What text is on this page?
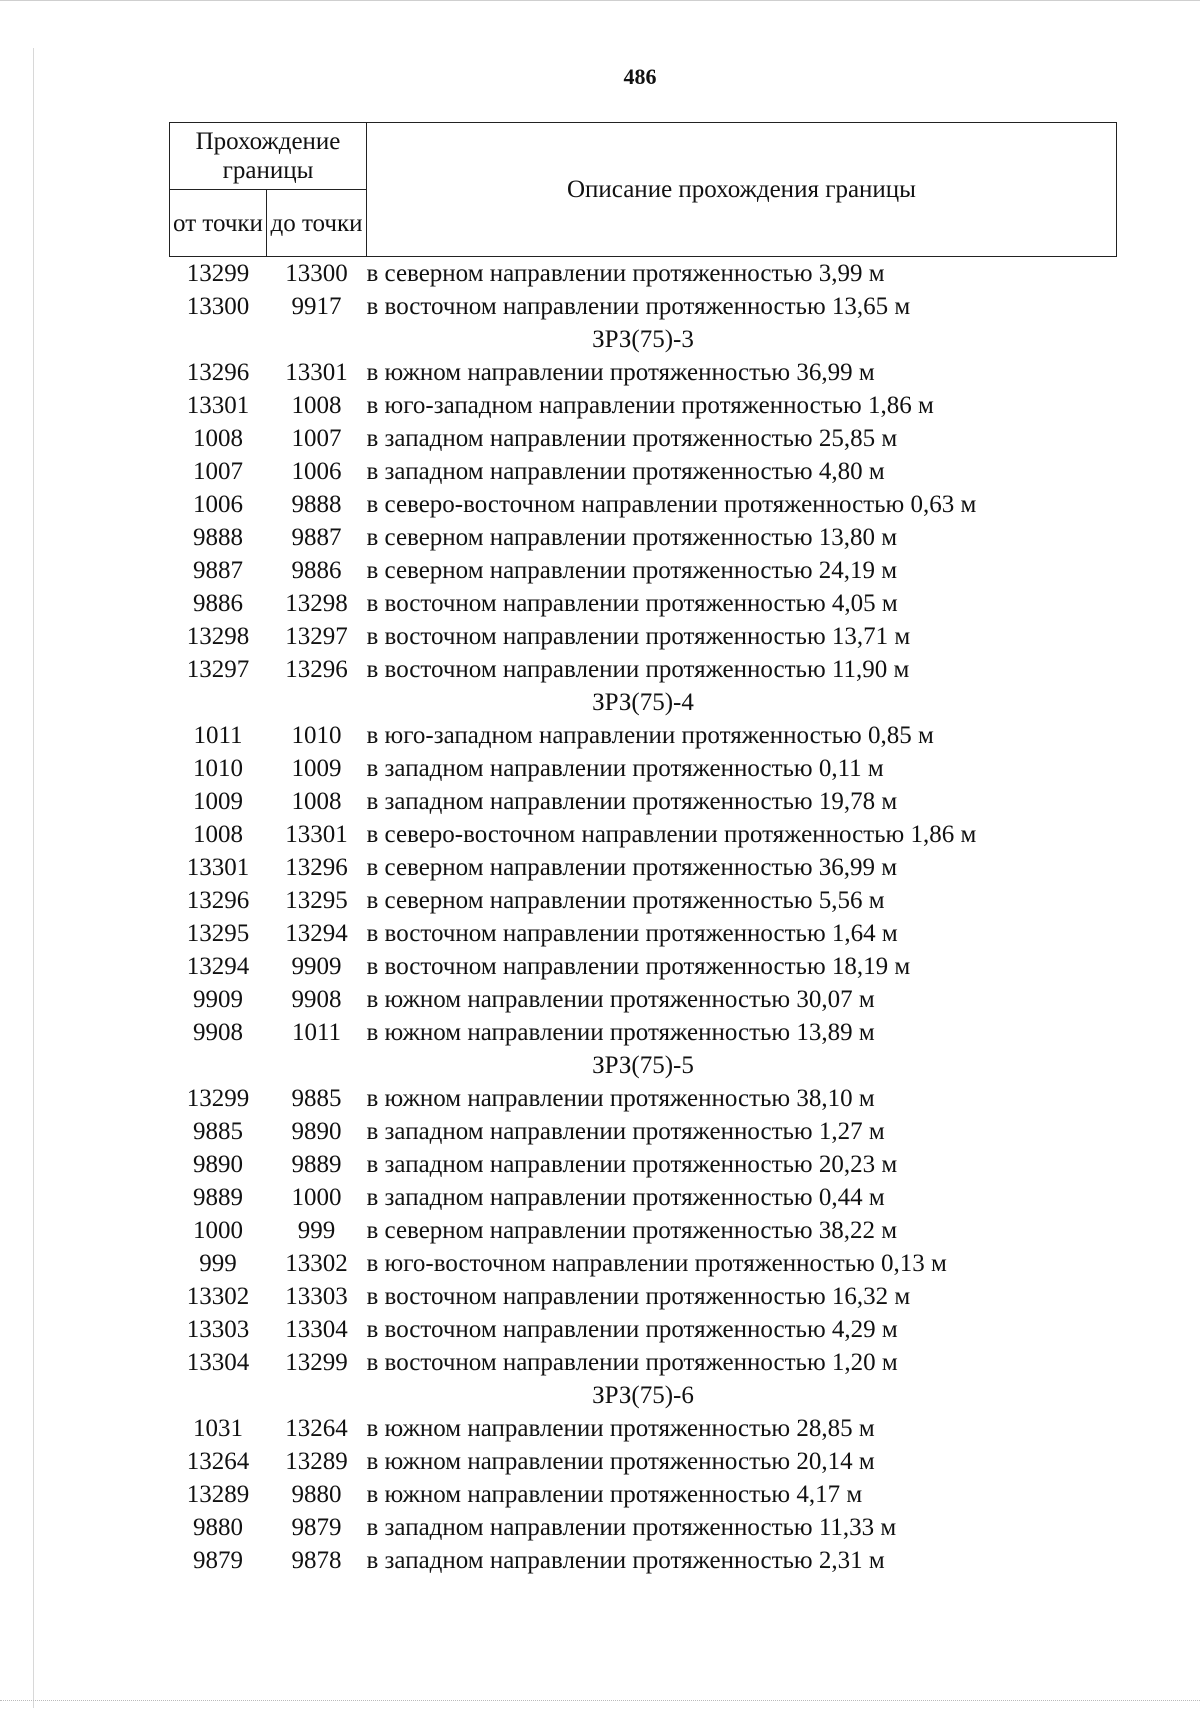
486
Прохождение границы		Описание прохождения границы
от точки	до точки	
13299	13300	в северном направлении протяженностью 3,99 м
13300	9917	в восточном направлении протяженностью 13,65 м
ЗРЗ(75)-3		
13296	13301	в южном направлении протяженностью 36,99 м
13301	1008	в юго-западном направлении протяженностью 1,86 м
1008	1007	в западном направлении протяженностью 25,85 м
1007	1006	в западном направлении протяженностью 4,80 м
1006	9888	в северо-восточном направлении протяженностью 0,63 м
9888	9887	в северном направлении протяженностью 13,80 м
9887	9886	в северном направлении протяженностью 24,19 м
9886	13298	в восточном направлении протяженностью 4,05 м
13298	13297	в восточном направлении протяженностью 13,71 м
13297	13296	в восточном направлении протяженностью 11,90 м
ЗРЗ(75)-4		
1011	1010	в юго-западном направлении протяженностью 0,85 м
1010	1009	в западном направлении протяженностью 0,11 м
1009	1008	в западном направлении протяженностью 19,78 м
1008	13301	в северо-восточном направлении протяженностью 1,86 м
13301	13296	в северном направлении протяженностью 36,99 м
13296	13295	в северном направлении протяженностью 5,56 м
13295	13294	в восточном направлении протяженностью 1,64 м
13294	9909	в восточном направлении протяженностью 18,19 м
9909	9908	в южном направлении протяженностью 30,07 м
9908	1011	в южном направлении протяженностью 13,89 м
ЗРЗ(75)-5		
13299	9885	в южном направлении протяженностью 38,10 м
9885	9890	в западном направлении протяженностью 1,27 м
9890	9889	в западном направлении протяженностью 20,23 м
9889	1000	в западном направлении протяженностью 0,44 м
1000	999	в северном направлении протяженностью 38,22 м
999	13302	в юго-восточном направлении протяженностью 0,13 м
13302	13303	в восточном направлении протяженностью 16,32 м
13303	13304	в восточном направлении протяженностью 4,29 м
13304	13299	в восточном направлении протяженностью 1,20 м
ЗРЗ(75)-6		
1031	13264	в южном направлении протяженностью 28,85 м
13264	13289	в южном направлении протяженностью 20,14 м
13289	9880	в южном направлении протяженностью 4,17 м
9880	9879	в западном направлении протяженностью 11,33 м
9879	9878	в западном направлении протяженностью 2,31 м
